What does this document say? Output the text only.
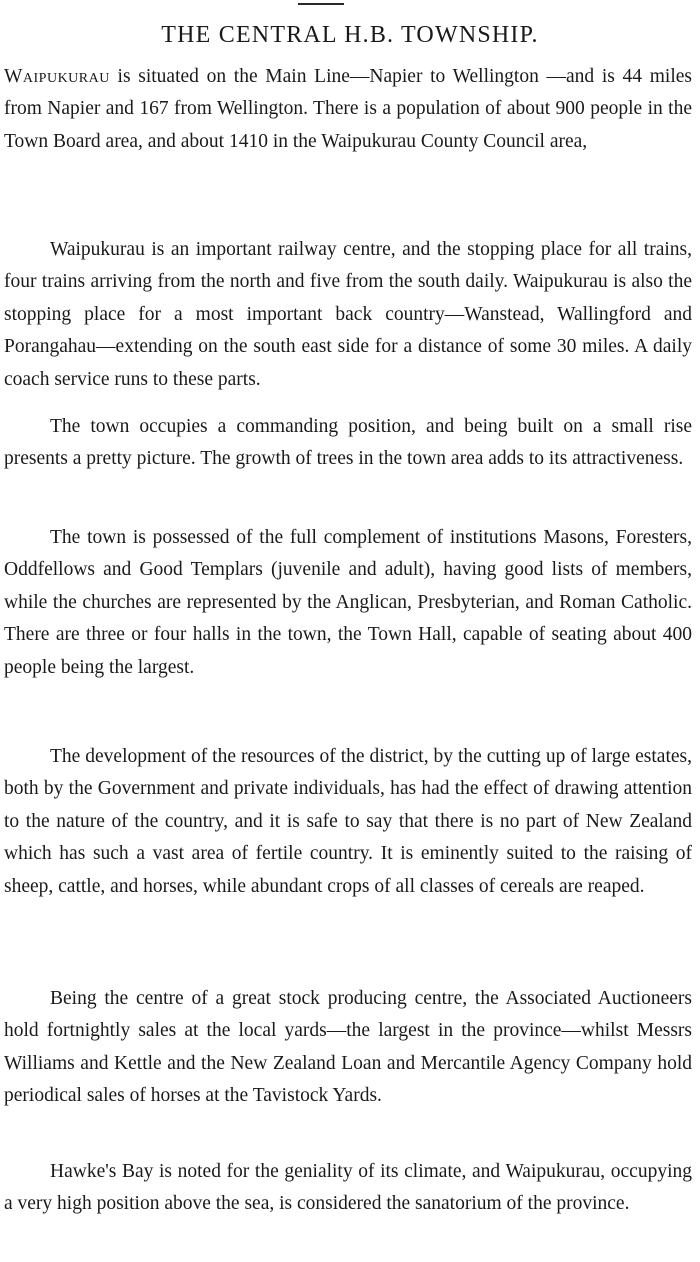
THE CENTRAL H.B. TOWNSHIP.

Waipukurau is situated on the Main Line—Napier to Wellington —and is 44 miles from Napier and 167 from Wellington. There is a population of about 900 people in the Town Board area, and about 1410 in the Waipukurau County Council area,

Waipukurau is an important railway centre, and the stopping place for all trains, four trains arriving from the north and five from the south daily. Waipukurau is also the stopping place for a most important back country—Wanstead, Wallingford and Porangahau—extending on the south east side for a distance of some 30 miles. A daily coach service runs to these parts.

The town occupies a commanding position, and being built on a small rise presents a pretty picture. The growth of trees in the town area adds to its attractiveness.

The town is possessed of the full complement of institutions Masons, Foresters, Oddfellows and Good Templars (juvenile and adult), having good lists of members, while the churches are represented by the Anglican, Presbyterian, and Roman Catholic. There are three or four halls in the town, the Town Hall, capable of seating about 400 people being the largest.

The development of the resources of the district, by the cutting up of large estates, both by the Government and private individuals, has had the effect of drawing attention to the nature of the country, and it is safe to say that there is no part of New Zealand which has such a vast area of fertile country. It is eminently suited to the raising of sheep, cattle, and horses, while abundant crops of all classes of cereals are reaped.

Being the centre of a great stock producing centre, the Associated Auctioneers hold fortnightly sales at the local yards—the largest in the province—whilst Messrs Williams and Kettle and the New Zealand Loan and Mercantile Agency Company hold periodical sales of horses at the Tavistock Yards.

Hawke's Bay is noted for the geniality of its climate, and Waipukurau, occupying a very high position above the sea, is considered the sanatorium of the province.
